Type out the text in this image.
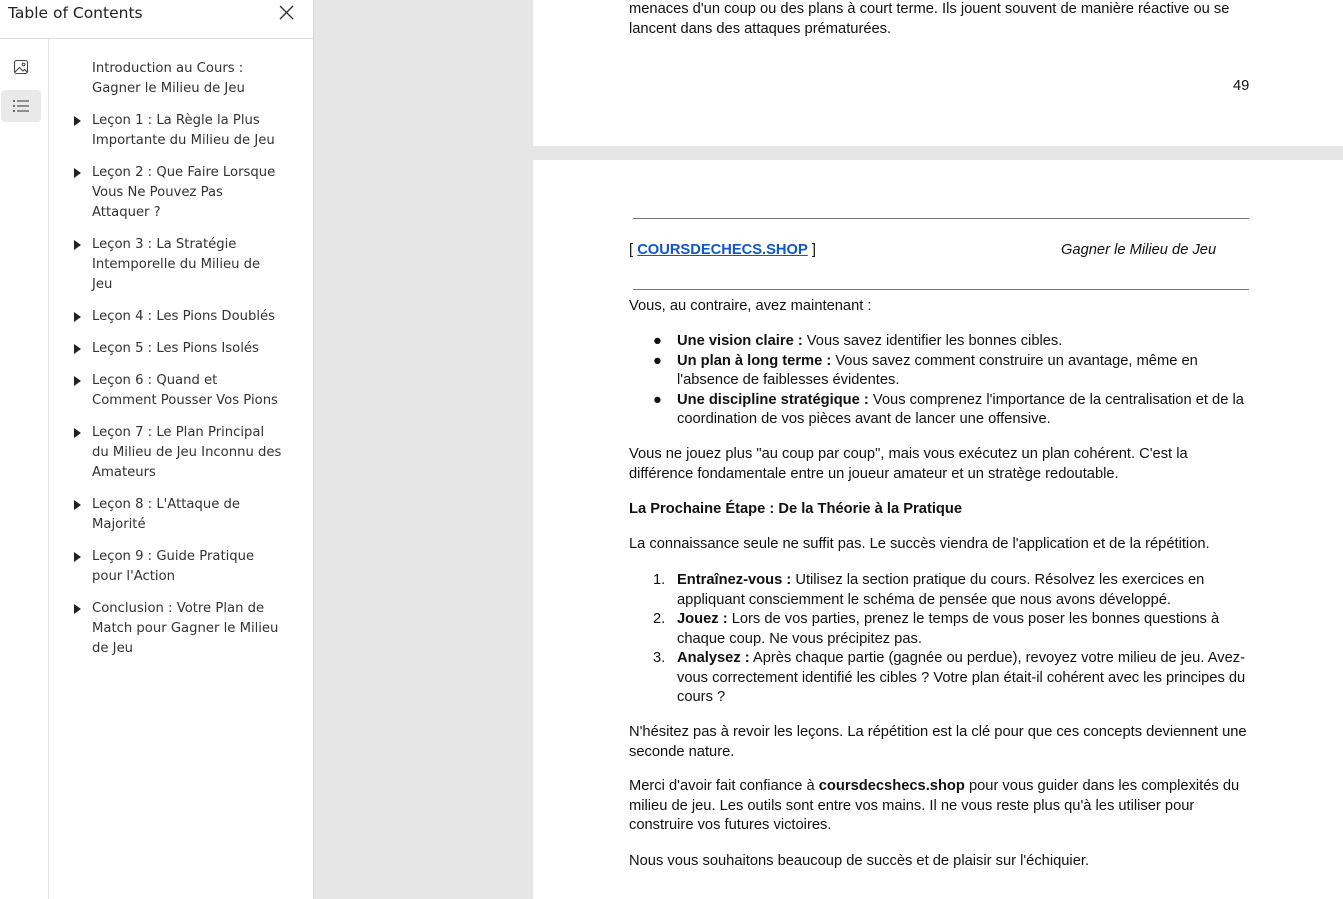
Table of Contents
Introduction au Cours : Gagner le Milieu de Jeu
Leçon 1 : La Règle la Plus Importante du Milieu de Jeu
Leçon 2 : Que Faire Lorsque Vous Ne Pouvez Pas Attaquer ?
Leçon 3 : La Stratégie Intemporelle du Milieu de Jeu
Leçon 4 : Les Pions Doublés
Leçon 5 : Les Pions Isolés
Leçon 6 : Quand et Comment Pousser Vos Pions
Leçon 7 : Le Plan Principal du Milieu de Jeu Inconnu des Amateurs
Leçon 8 : L'Attaque de Majorité
Leçon 9 : Guide Pratique pour l'Action
Conclusion : Votre Plan de Match pour Gagner le Milieu de Jeu
menaces d'un coup ou des plans à court terme. Ils jouent souvent de manière réactive ou se lancent dans des attaques prématurées.
49
[ COURSDECHECS.SHOP ]	Gagner le Milieu de Jeu
Vous, au contraire, avez maintenant :
● Une vision claire : Vous savez identifier les bonnes cibles.
● Un plan à long terme : Vous savez comment construire un avantage, même en l'absence de faiblesses évidentes.
● Une discipline stratégique : Vous comprenez l'importance de la centralisation et de la coordination de vos pièces avant de lancer une offensive.
Vous ne jouez plus "au coup par coup", mais vous exécutez un plan cohérent. C'est la différence fondamentale entre un joueur amateur et un stratège redoutable.
La Prochaine Étape : De la Théorie à la Pratique
La connaissance seule ne suffit pas. Le succès viendra de l'application et de la répétition.
1. Entraînez-vous : Utilisez la section pratique du cours. Résolvez les exercices en appliquant consciemment le schéma de pensée que nous avons développé.
2. Jouez : Lors de vos parties, prenez le temps de vous poser les bonnes questions à chaque coup. Ne vous précipitez pas.
3. Analysez : Après chaque partie (gagnée ou perdue), revoyez votre milieu de jeu. Avez-vous correctement identifié les cibles ? Votre plan était-il cohérent avec les principes du cours ?
N'hésitez pas à revoir les leçons. La répétition est la clé pour que ces concepts deviennent une seconde nature.
Merci d'avoir fait confiance à coursdecshecs.shop pour vous guider dans les complexités du milieu de jeu. Les outils sont entre vos mains. Il ne vous reste plus qu'à les utiliser pour construire vos futures victoires.
Nous vous souhaitons beaucoup de succès et de plaisir sur l'échiquier.
